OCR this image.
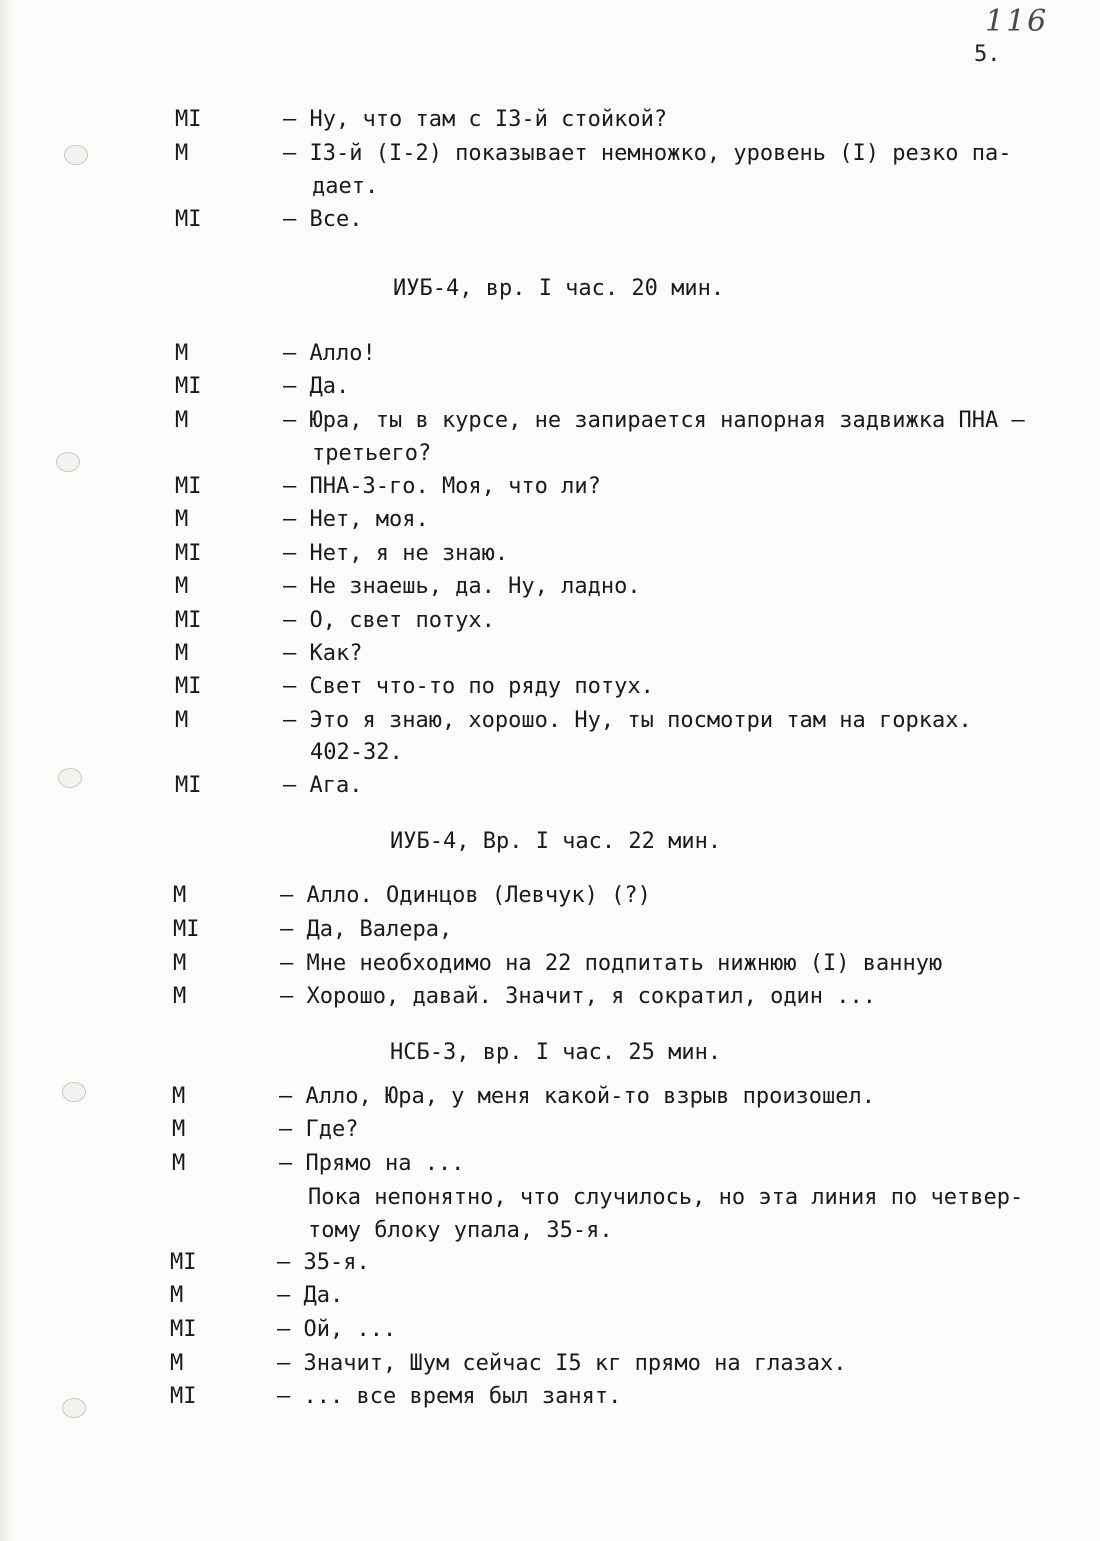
116
5.
MI	– Ну, что там с I3-й стойкой?
M	– I3-й (I-2) показывает немножко, уровень (I) резко па-
дает.
MI	– Все.
ИУБ-4, вр. I час. 20 мин.
M	– Алло!
MI	– Да.
M	– Юра, ты в курсе, не запирается напорная задвижка ПНА –
третьего?
MI	– ПНА-3-го. Моя, что ли?
M	– Нет, моя.
MI	– Нет, я не знаю.
M	– Не знаешь, да. Ну, ладно.
MI	– О, свет потух.
M	– Как?
MI	– Свет что-то по ряду потух.
M	– Это я знаю, хорошо. Ну, ты посмотри там на горках.
402-32.
MI	– Ага.
ИУБ-4, Вр. I час. 22 мин.
M	– Алло. Одинцов (Левчук) (?)
MI	– Да, Валера,
M	– Мне необходимо на 22 подпитать нижнюю (I) ванную
M	– Хорошо, давай. Значит, я сократил, один ...
НСБ-3, вр. I час. 25 мин.
M	– Алло, Юра, у меня какой-то взрыв произошел.
M	– Где?
M	– Прямо на ...
Пока непонятно, что случилось, но эта линия по четвер-
тому блоку упала, 35-я.
MI	– 35-я.
M	– Да.
MI	– Ой, ...
M	– Значит, Шум сейчас I5 кг прямо на глазах.
MI	– ... все время был занят.
